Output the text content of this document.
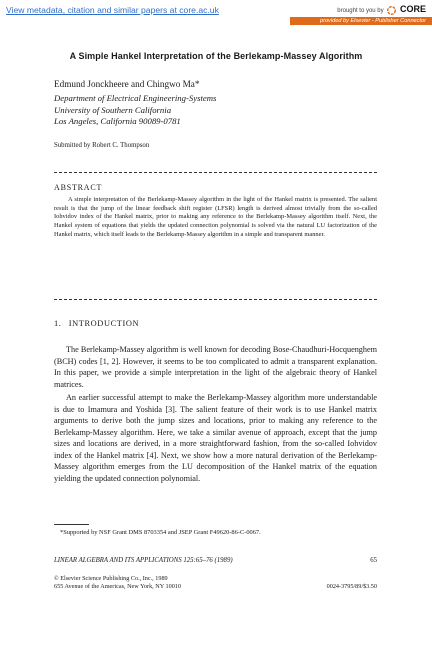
View metadata, citation and similar papers at core.ac.uk	brought to you by CORE
provided by Elsevier - Publisher Connector
A Simple Hankel Interpretation of the Berlekamp-Massey Algorithm
Edmund Jonckheere and Chingwo Ma*
Department of Electrical Engineering-Systems
University of Southern California
Los Angeles, California 90089-0781
Submitted by Robert C. Thompson
ABSTRACT
A simple interpretation of the Berlekamp-Massey algorithm in the light of the Hankel matrix is presented. The salient result is that the jump of the linear feedback shift register (LFSR) length is derived almost trivially from the so-called Iohvidov index of the Hankel matrix, prior to making any reference to the Berlekamp-Massey algorithm itself. Next, the Hankel system of equations that yields the updated connection polynomial is solved via the natural LU factorization of the Hankel matrix, which itself leads to the Berlekamp-Massey algorithm in a simple and transparent manner.
1. INTRODUCTION
The Berlekamp-Massey algorithm is well known for decoding Bose-Chaudhuri-Hocquenghem (BCH) codes [1, 2]. However, it seems to be too complicated to admit a transparent explanation. In this paper, we provide a simple interpretation in the light of the algebraic theory of Hankel matrices.
An earlier successful attempt to make the Berlekamp-Massey algorithm more understandable is due to Imamura and Yoshida [3]. The salient feature of their work is to use Hankel matrix arguments to derive both the jump sizes and locations, prior to making any reference to the Berlekamp-Massey algorithm. Here, we take a similar avenue of approach, except that the jump sizes and locations are derived, in a more straightforward fashion, from the so-called Iohvidov index of the Hankel matrix [4]. Next, we show how a more natural derivation of the Berlekamp-Massey algorithm emerges from the LU decomposition of the Hankel matrix of the equation yielding the updated connection polynomial.
*Supported by NSF Grant DMS 8703354 and JSEP Grant F49620-86-C-0067.
LINEAR ALGEBRA AND ITS APPLICATIONS 125:65–76 (1989)	65
© Elsevier Science Publishing Co., Inc., 1989
655 Avenue of the Americas, New York, NY 10010	0024-3795/89/$3.50
